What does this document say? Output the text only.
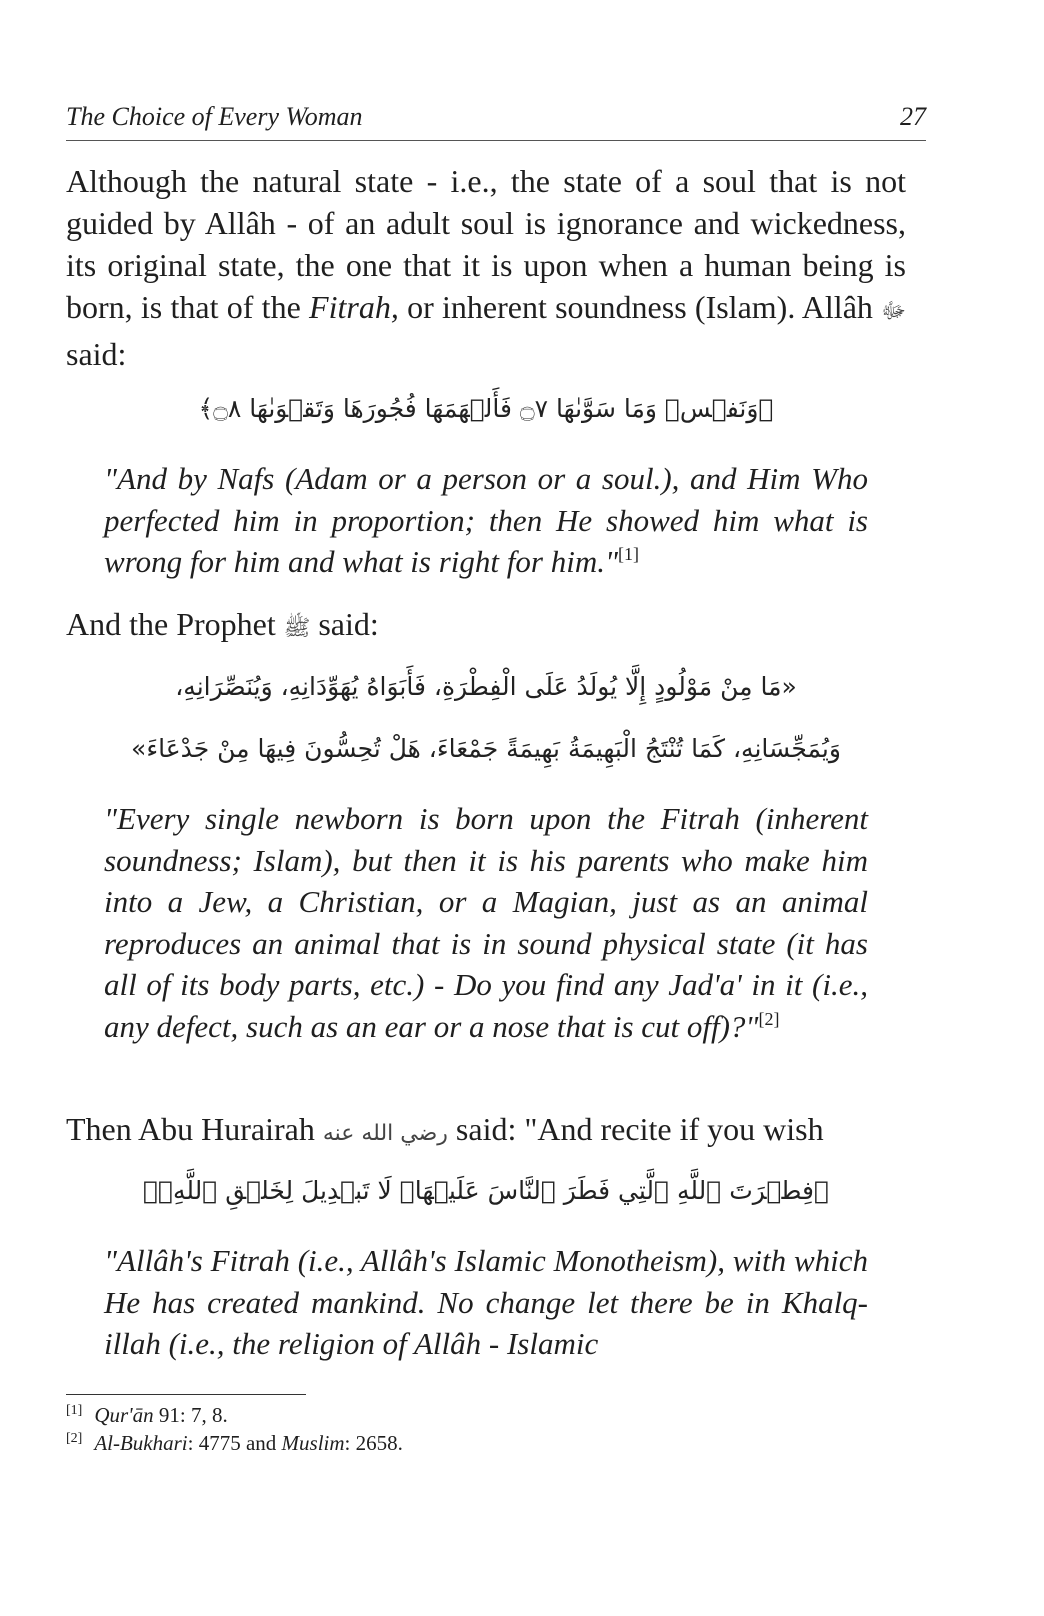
The Choice of Every Woman	27

Although the natural state - i.e., the state of a soul that is not guided by Allâh - of an adult soul is ignorance and wickedness, its original state, the one that it is upon when a human being is born, is that of the Fitrah, or inherent soundness (Islam). Allâh ﷻ said:

﴿وَنَفۡسٖ وَمَا سَوَّىٰهَا ۝٧ فَأَلۡهَمَهَا فُجُورَهَا وَتَقۡوَىٰهَا ۝٨﴾

"And by Nafs (Adam or a person or a soul.), and Him Who perfected him in proportion; then He showed him what is wrong for him and what is right for him."[1]

And the Prophet ﷺ said:

«مَا مِنْ مَوْلُودٍ إِلَّا يُولَدُ عَلَى الْفِطْرَةِ، فَأَبَوَاهُ يُهَوِّدَانِهِ، وَيُنَصِّرَانِهِ،

وَيُمَجِّسَانِهِ، كَمَا تُنْتَجُ الْبَهِيمَةُ بَهِيمَةً جَمْعَاءَ، هَلْ تُحِسُّونَ فِيهَا مِنْ جَدْعَاءَ»

"Every single newborn is born upon the Fitrah (inherent soundness; Islam), but then it is his parents who make him into a Jew, a Christian, or a Magian, just as an animal reproduces an animal that is in sound physical state (it has all of its body parts, etc.) - Do you find any Jad'a' in it (i.e., any defect, such as an ear or a nose that is cut off)?"[2]

Then Abu Hurairah رضي الله عنه said: "And recite if you wish

﴿فِطۡرَتَ ٱللَّهِ ٱلَّتِي فَطَرَ ٱلنَّاسَ عَلَيۡهَاۚ لَا تَبۡدِيلَ لِخَلۡقِ ٱللَّهِۚ﴾

"Allâh's Fitrah (i.e., Allâh's Islamic Monotheism), with which He has created mankind. No change let there be in Khalq-illah (i.e., the religion of Allâh - Islamic

[1] Qur'ān 91: 7, 8.
[2] Al-Bukhari: 4775 and Muslim: 2658.
